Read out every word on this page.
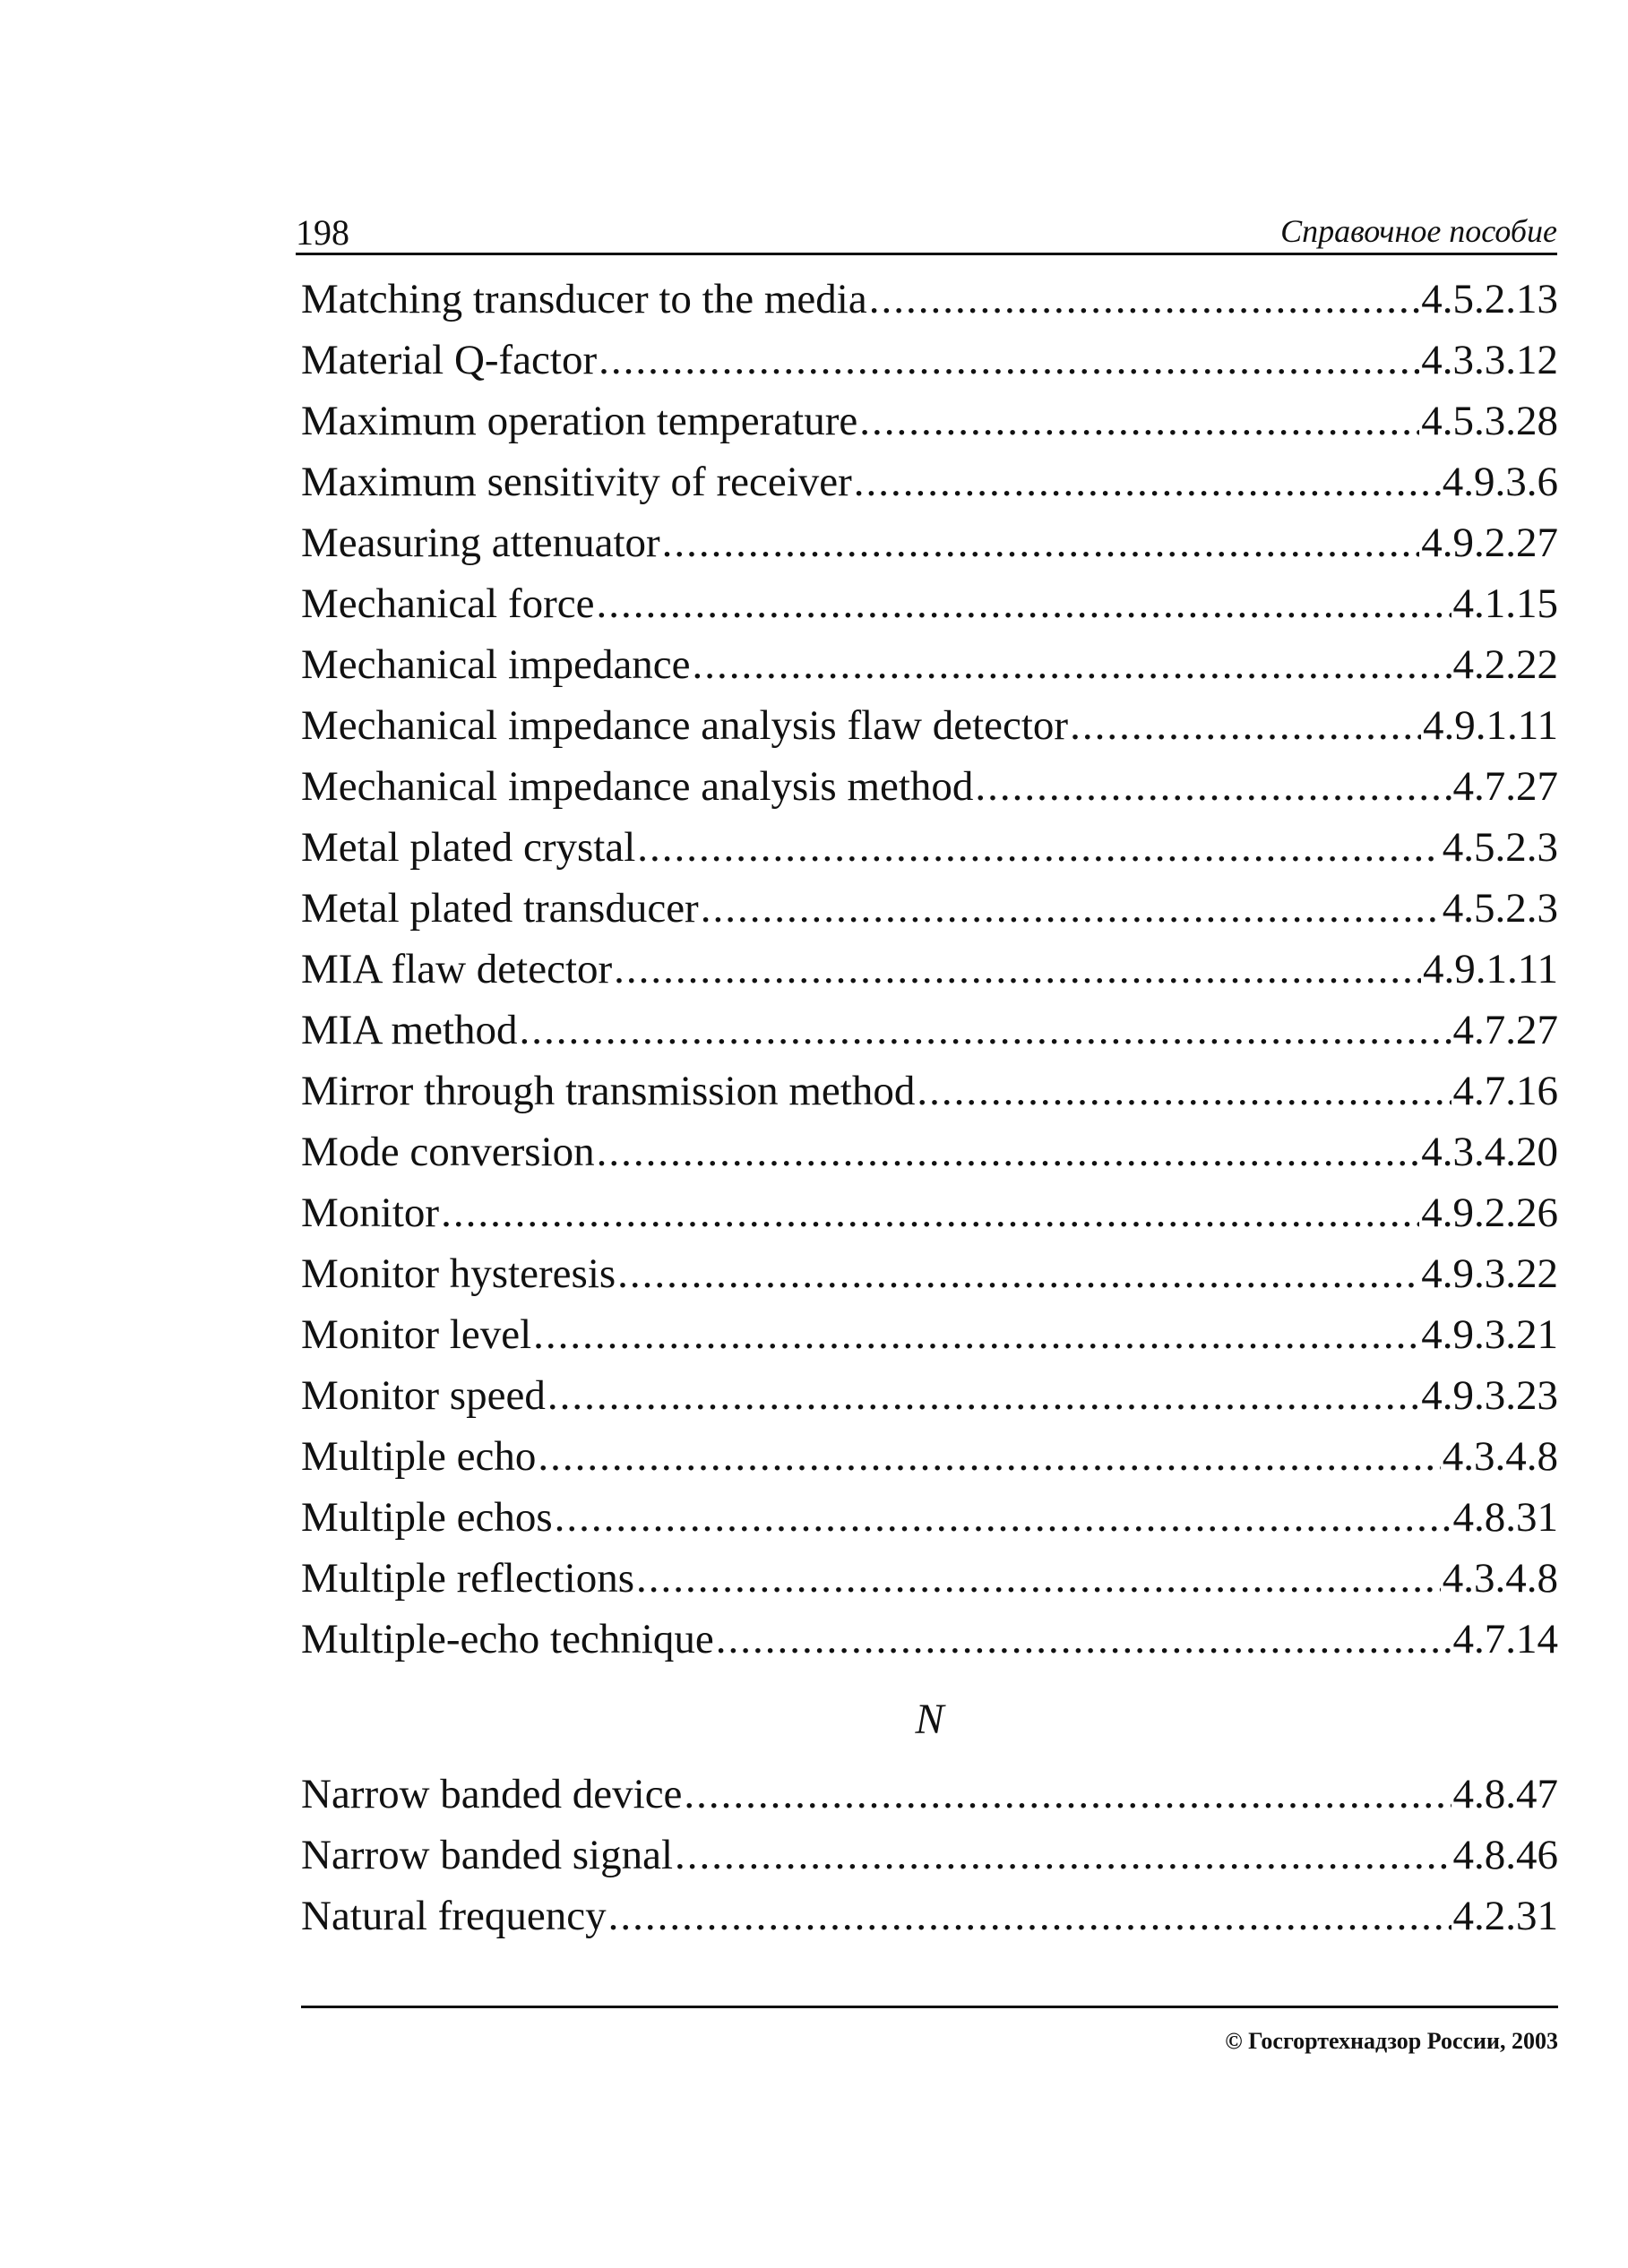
198	Справочное пособие
Matching transducer to the media .....	4.5.2.13
Material Q-factor .....	4.3.3.12
Maximum operation temperature .....	4.5.3.28
Maximum sensitivity of receiver .....	4.9.3.6
Measuring attenuator .....	4.9.2.27
Mechanical force .....	4.1.15
Mechanical impedance .....	4.2.22
Mechanical impedance analysis flaw detector .....	4.9.1.11
Mechanical impedance analysis method .....	4.7.27
Metal plated crystal .....	4.5.2.3
Metal plated transducer .....	4.5.2.3
MIA flaw detector .....	4.9.1.11
MIA method .....	4.7.27
Mirror through transmission method .....	4.7.16
Mode conversion .....	4.3.4.20
Monitor .....	4.9.2.26
Monitor hysteresis .....	4.9.3.22
Monitor level .....	4.9.3.21
Monitor speed .....	4.9.3.23
Multiple echo .....	4.3.4.8
Multiple echos .....	4.8.31
Multiple reflections .....	4.3.4.8
Multiple-echo technique .....	4.7.14
N
Narrow banded device .....	4.8.47
Narrow banded signal .....	4.8.46
Natural frequency .....	4.2.31
© Госгортехнадзор России, 2003
